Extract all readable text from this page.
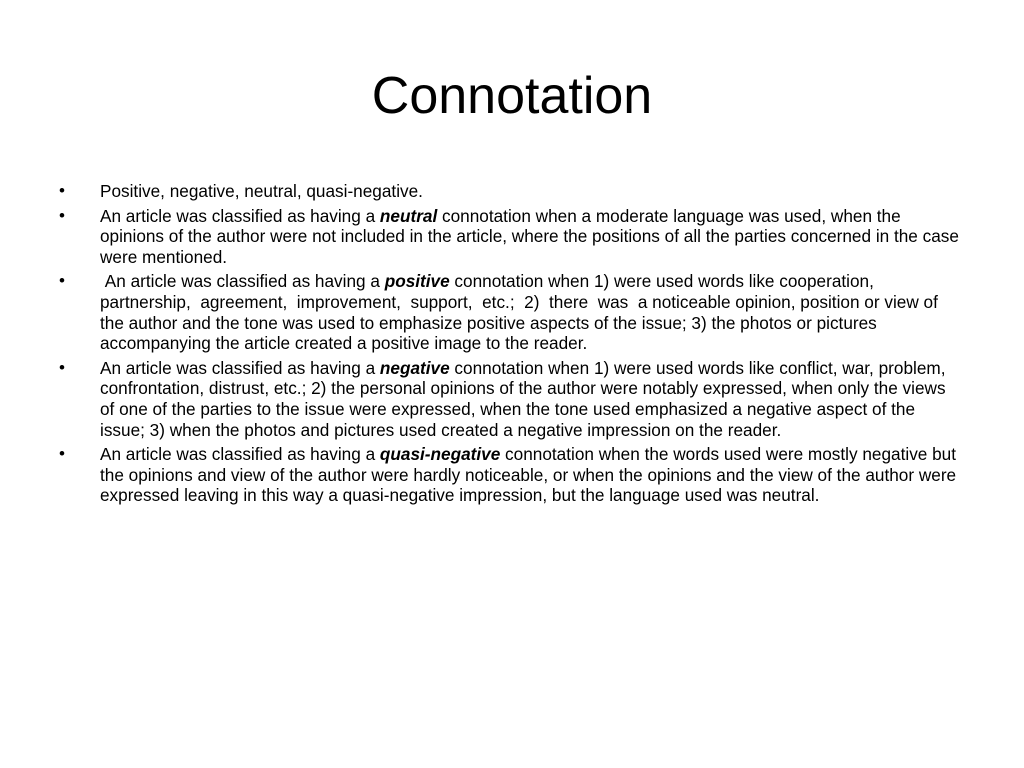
Connotation
•	Positive, negative, neutral, quasi-negative.
•	An article was classified as having a neutral connotation when a moderate language was used, when the opinions of the author were not included in the article, where the positions of all the parties concerned in the case were mentioned.
•	An article was classified as having a positive connotation when 1) were used words like cooperation,  partnership,  agreement,  improvement,  support,  etc.;  2)  there  was  a noticeable opinion, position or view of the author and the tone was used to emphasize positive aspects of the issue; 3) the photos or pictures accompanying the article created a positive image to the reader.
•	An article was classified as having a negative connotation when 1) were used words like conflict, war, problem, confrontation, distrust, etc.; 2) the personal opinions of the author were notably expressed, when only the views of one of the parties to the issue were expressed, when the tone used emphasized a negative aspect of the issue; 3) when the photos and pictures used created a negative impression on the reader.
•	An article was classified as having a quasi-negative connotation when the words used were mostly negative but the opinions and view of the author were hardly noticeable, or when the opinions and the view of the author were expressed leaving in this way a quasi-negative impression, but the language used was neutral.
